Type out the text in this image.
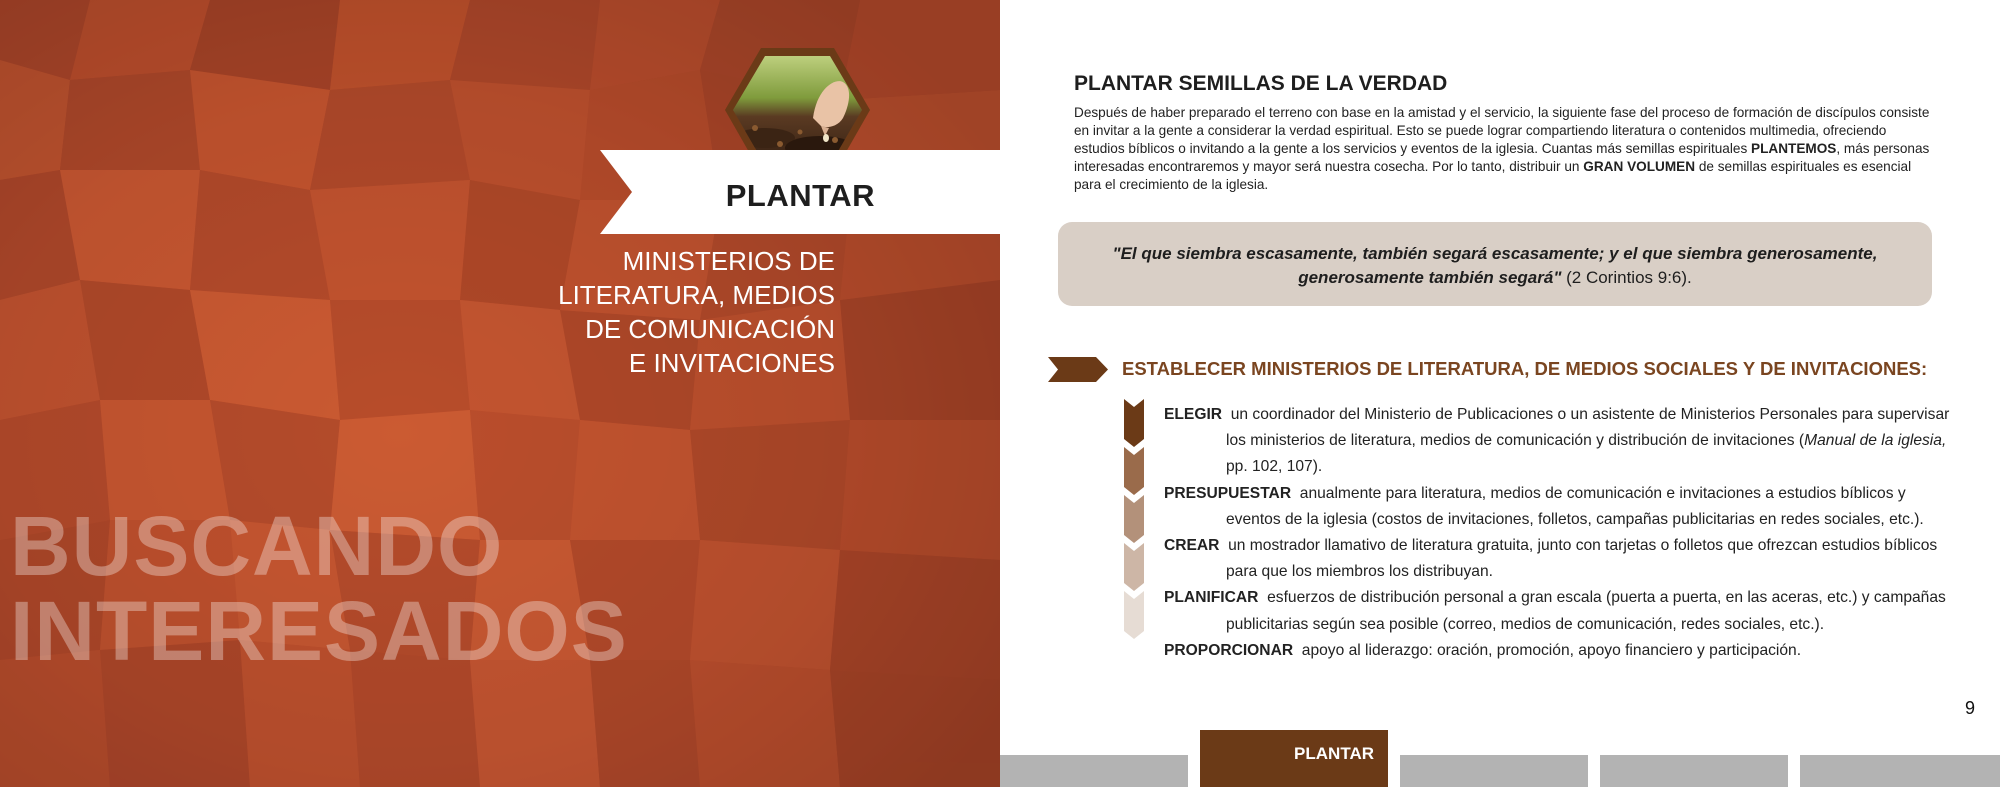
PLANTAR
MINISTERIOS DE
LITERATURA, MEDIOS
DE COMUNICACIÓN
E INVITACIONES
BUSCANDO
INTERESADOS
PLANTAR SEMILLAS DE LA VERDAD
Después de haber preparado el terreno con base en la amistad y el servicio, la siguiente fase del proceso de formación de discípulos consiste en invitar a la gente a considerar la verdad espiritual. Esto se puede lograr compartiendo literatura o contenidos multimedia, ofreciendo estudios bíblicos o invitando a la gente a los servicios y eventos de la iglesia. Cuantas más semillas espirituales PLANTEMOS, más personas interesadas encontraremos y mayor será nuestra cosecha. Por lo tanto, distribuir un GRAN VOLUMEN de semillas espirituales es esencial para el crecimiento de la iglesia.
"El que siembra escasamente, también segará escasamente; y el que siembra generosamente, generosamente también segará" (2 Corintios 9:6).
ESTABLECER MINISTERIOS DE LITERATURA, DE MEDIOS SOCIALES Y DE INVITACIONES:
ELEGIR un coordinador del Ministerio de Publicaciones o un asistente de Ministerios Personales para supervisar los ministerios de literatura, medios de comunicación y distribución de invitaciones (Manual de la iglesia, pp. 102, 107).
PRESUPUESTAR anualmente para literatura, medios de comunicación e invitaciones a estudios bíblicos y eventos de la iglesia (costos de invitaciones, folletos, campañas publicitarias en redes sociales, etc.).
CREAR un mostrador llamativo de literatura gratuita, junto con tarjetas o folletos que ofrezcan estudios bíblicos para que los miembros los distribuyan.
PLANIFICAR esfuerzos de distribución personal a gran escala (puerta a puerta, en las aceras, etc.) y campañas publicitarias según sea posible (correo, medios de comunicación, redes sociales, etc.).
PROPORCIONAR apoyo al liderazgo: oración, promoción, apoyo financiero y participación.
9
PLANTAR
